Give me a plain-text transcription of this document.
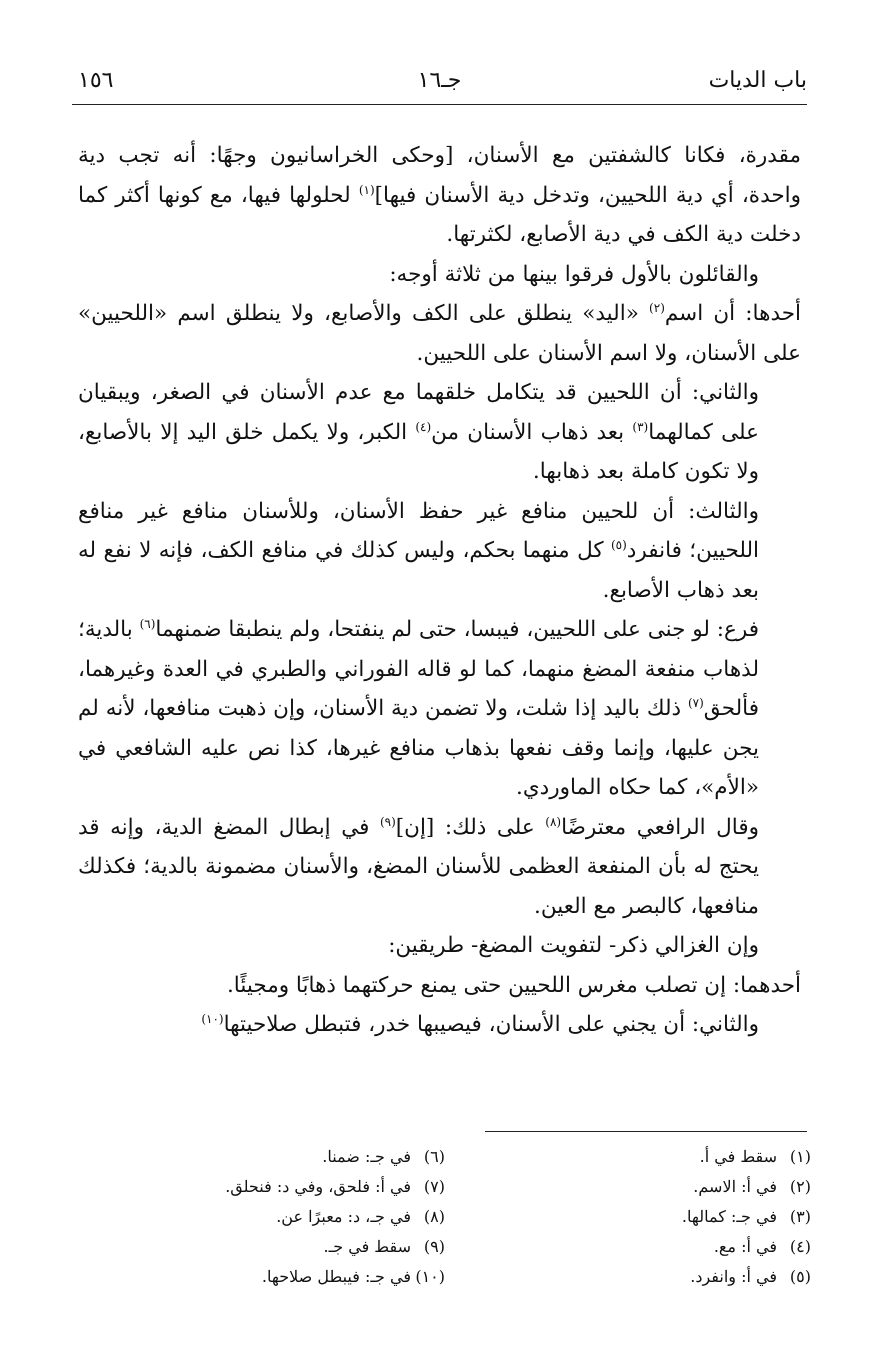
باب الديات
جـ١٦
١٥٦

مقدرة، فكانا كالشفتين مع الأسنان، [وحكى الخراسانيون وجهًا: أنه تجب دية واحدة، أي دية اللحيين، وتدخل دية الأسنان فيها]$^{(١)}$ لحلولها فيها، مع كونها أكثر كما دخلت دية الكف في دية الأصابع، لكثرتها.

والقائلون بالأول فرقوا بينها من ثلاثة أوجه:

أحدها: أن اسم$^{(٢)}$ «اليد» ينطلق على الكف والأصابع، ولا ينطلق اسم «اللحيين» على الأسنان، ولا اسم الأسنان على اللحيين.

والثاني: أن اللحيين قد يتكامل خلقهما مع عدم الأسنان في الصغر، ويبقيان على كمالهما$^{(٣)}$ بعد ذهاب الأسنان من$^{(٤)}$ الكبر، ولا يكمل خلق اليد إلا بالأصابع، ولا تكون كاملة بعد ذهابها.

والثالث: أن للحيين منافع غير حفظ الأسنان، وللأسنان منافع غير منافع اللحيين؛ فانفرد$^{(٥)}$ كل منهما بحكم، وليس كذلك في منافع الكف، فإنه لا نفع له بعد ذهاب الأصابع.

فرع: لو جنى على اللحيين، فيبسا، حتى لم ينفتحا، ولم ينطبقا ضمنهما$^{(٦)}$ بالدية؛ لذهاب منفعة المضغ منهما، كما لو قاله الفوراني والطبري في العدة وغيرهما، فألحق$^{(٧)}$ ذلك باليد إذا شلت، ولا تضمن دية الأسنان، وإن ذهبت منافعها، لأنه لم يجن عليها، وإنما وقف نفعها بذهاب منافع غيرها، كذا نص عليه الشافعي في «الأم»، كما حكاه الماوردي.

وقال الرافعي معترضًا$^{(٨)}$ على ذلك: [إن]$^{(٩)}$ في إبطال المضغ الدية، وإنه قد يحتج له بأن المنفعة العظمى للأسنان المضغ، والأسنان مضمونة بالدية؛ فكذلك منافعها، كالبصر مع العين.

وإن الغزالي ذكر- لتفويت المضغ- طريقين:

أحدهما: إن تصلب مغرس اللحيين حتى يمنع حركتهما ذهابًا ومجيئًا.

والثاني: أن يجني على الأسنان، فيصيبها خدر، فتبطل صلاحيتها$^{(١٠)}$

(١)سقط في أ.
(٢)في أ: الاسم.
(٣)في جـ: كمالها.
(٤)في أ: مع.
(٥)في أ: وانفرد.
(٦)في جـ: ضمنا.
(٧)في أ: فلحق، وفي د: فنحلق.
(٨)في جـ، د: معبرًا عن.
(٩)سقط في جـ.
(١٠)في جـ: فيبطل صلاحها.
